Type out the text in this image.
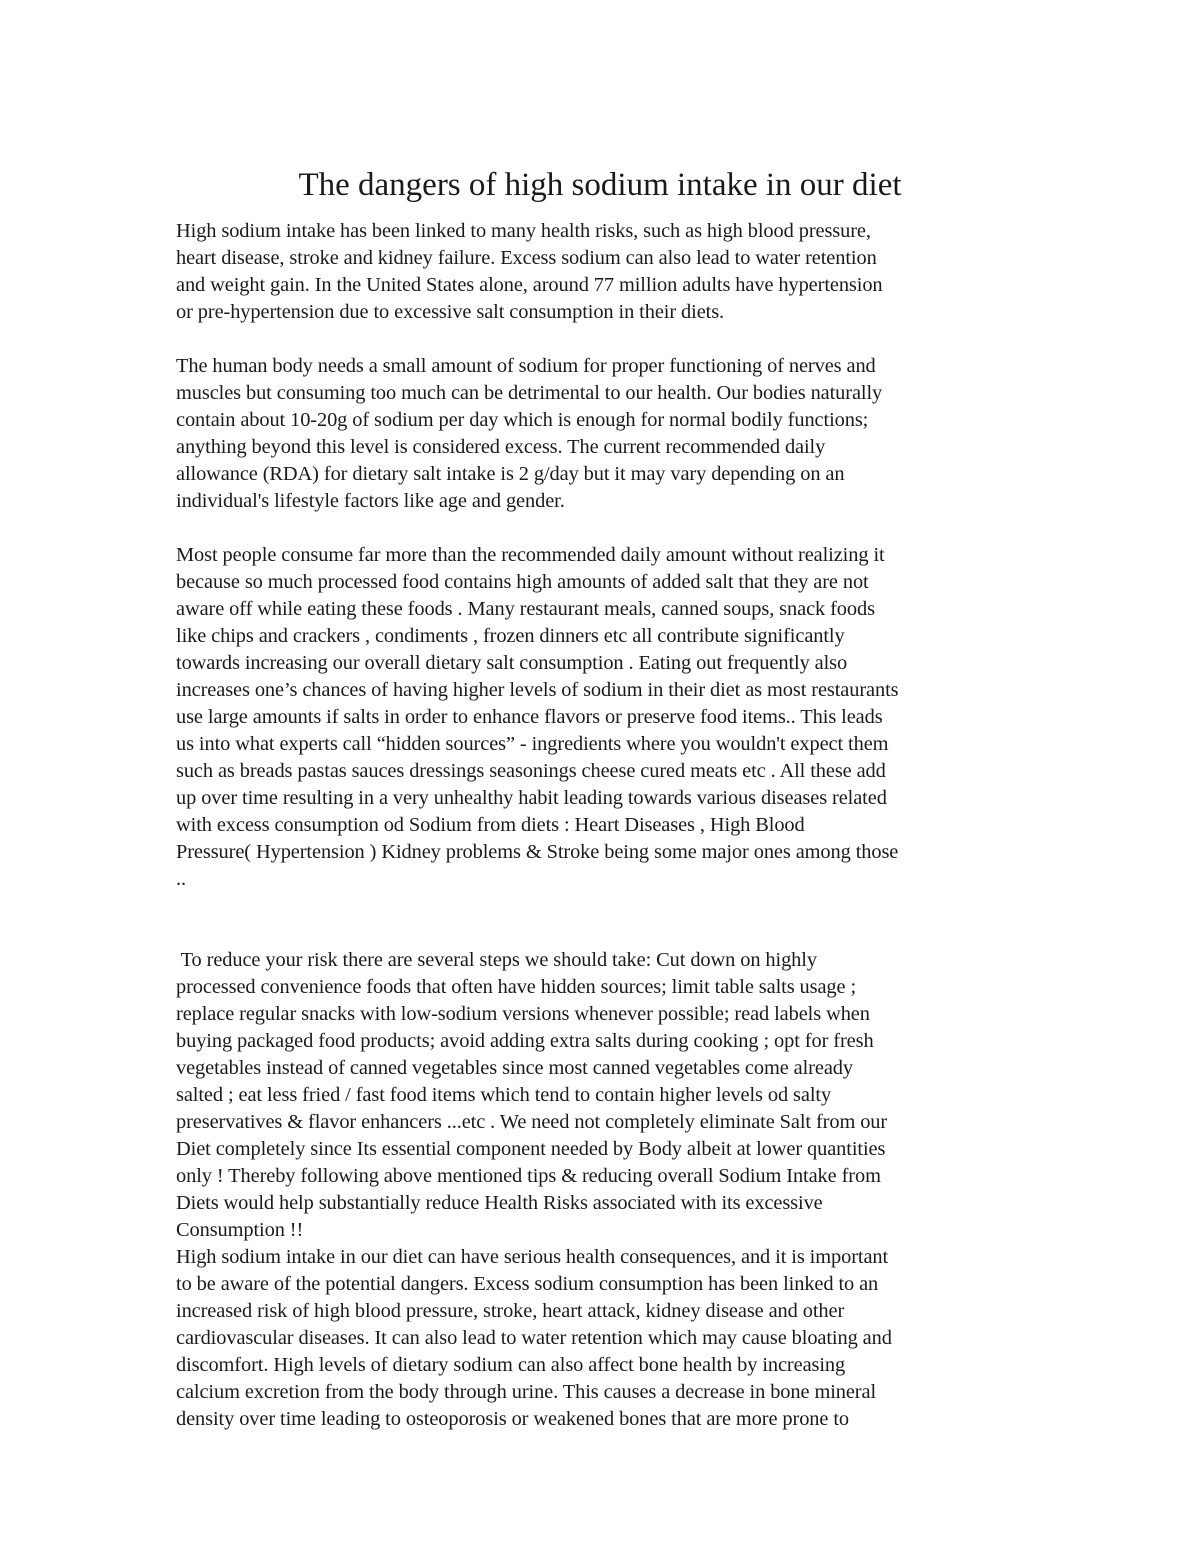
The dangers of high sodium intake in our diet

High sodium intake has been linked to many health risks, such as high blood pressure,
heart disease, stroke and kidney failure. Excess sodium can also lead to water retention
and weight gain. In the United States alone, around 77 million adults have hypertension
or pre-hypertension due to excessive salt consumption in their diets.

The human body needs a small amount of sodium for proper functioning of nerves and
muscles but consuming too much can be detrimental to our health. Our bodies naturally
contain about 10-20g of sodium per day which is enough for normal bodily functions;
anything beyond this level is considered excess. The current recommended daily
allowance (RDA) for dietary salt intake is 2 g/day but it may vary depending on an
individual's lifestyle factors like age and gender.

Most people consume far more than the recommended daily amount without realizing it
because so much processed food contains high amounts of added salt that they are not
aware off while eating these foods . Many restaurant meals, canned soups, snack foods
like chips and crackers , condiments , frozen dinners etc all contribute significantly
towards increasing our overall dietary salt consumption . Eating out frequently also
increases one’s chances of having higher levels of sodium in their diet as most restaurants
use large amounts if salts in order to enhance flavors or preserve food items.. This leads
us into what experts call “hidden sources” - ingredients where you wouldn't expect them
such as breads pastas sauces dressings seasonings cheese cured meats etc . All these add
up over time resulting in a very unhealthy habit leading towards various diseases related
with excess consumption od Sodium from diets : Heart Diseases , High Blood
Pressure( Hypertension ) Kidney problems & Stroke being some major ones among those
..

To reduce your risk there are several steps we should take: Cut down on highly
processed convenience foods that often have hidden sources; limit table salts usage ;
replace regular snacks with low-sodium versions whenever possible; read labels when
buying packaged food products; avoid adding extra salts during cooking ; opt for fresh
vegetables instead of canned vegetables since most canned vegetables come already
salted ; eat less fried / fast food items which tend to contain higher levels od salty
preservatives & flavor enhancers ...etc . We need not completely eliminate Salt from our
Diet completely since Its essential component needed by Body albeit at lower quantities
only ! Thereby following above mentioned tips & reducing overall Sodium Intake from
Diets would help substantially reduce Health Risks associated with its excessive
Consumption !!
High sodium intake in our diet can have serious health consequences, and it is important
to be aware of the potential dangers. Excess sodium consumption has been linked to an
increased risk of high blood pressure, stroke, heart attack, kidney disease and other
cardiovascular diseases. It can also lead to water retention which may cause bloating and
discomfort. High levels of dietary sodium can also affect bone health by increasing
calcium excretion from the body through urine. This causes a decrease in bone mineral
density over time leading to osteoporosis or weakened bones that are more prone to
